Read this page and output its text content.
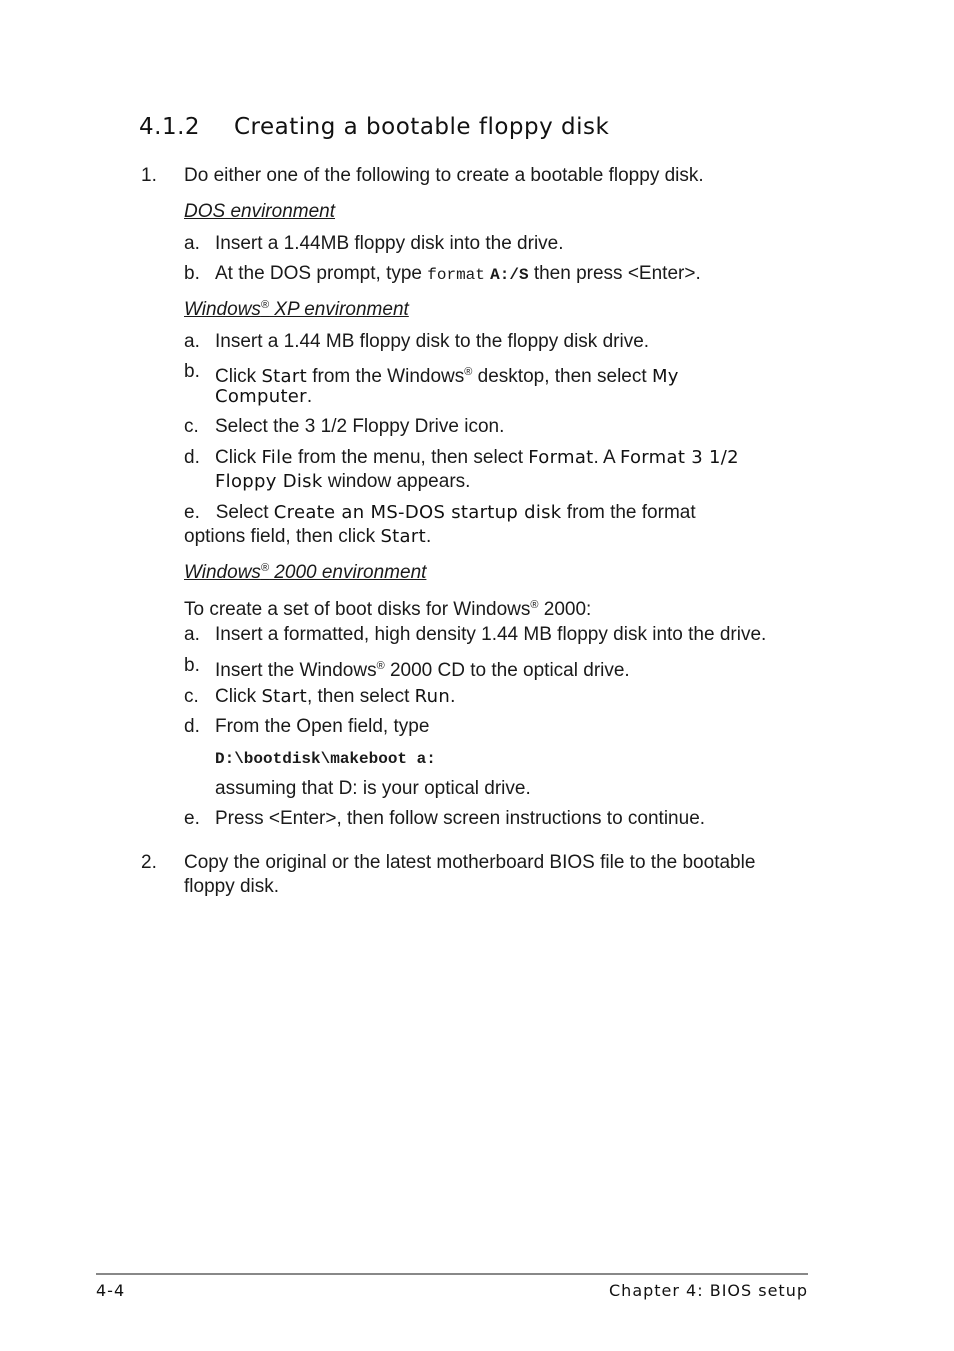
4.1.2 Creating a bootable floppy disk
1. Do either one of the following to create a bootable floppy disk.
DOS environment
a. Insert a 1.44MB floppy disk into the drive.
b. At the DOS prompt, type format A:/S then press <Enter>.
Windows® XP environment
a. Insert a 1.44 MB floppy disk to the floppy disk drive.
b. Click Start from the Windows® desktop, then select My
Computer.
c. Select the 3 1/2 Floppy Drive icon.
d. Click File from the menu, then select Format. A Format 3 1/2
Floppy Disk window appears.
e. Select Create an MS-DOS startup disk from the format
options field, then click Start.
Windows® 2000 environment
To create a set of boot disks for Windows® 2000:
a. Insert a formatted, high density 1.44 MB floppy disk into the drive.
b. Insert the Windows® 2000 CD to the optical drive.
c. Click Start, then select Run.
d. From the Open field, type
D:\bootdisk\makeboot a:
assuming that D: is your optical drive.
e. Press <Enter>, then follow screen instructions to continue.
2. Copy the original or the latest motherboard BIOS file to the bootable
floppy disk.
4-4	Chapter 4: BIOS setup
